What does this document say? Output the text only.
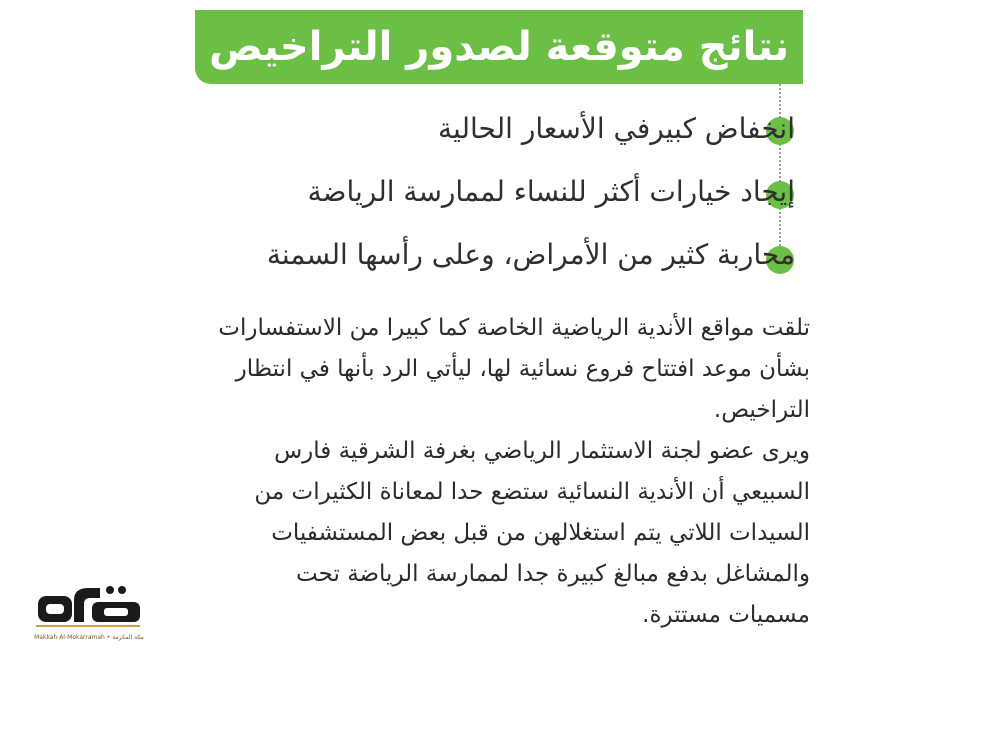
نتائج متوقعة لصدور التراخيص
انخفاض كبيرفي الأسعار الحالية
إيجاد خيارات أكثر للنساء لممارسة الرياضة
محاربة كثير من الأمراض، وعلى رأسها السمنة

تلقت مواقع الأندية الرياضية الخاصة كما كبيرا من الاستفسارات بشأن موعد افتتاح فروع نسائية لها، ليأتي الرد بأنها في انتظار التراخيص.

ويرى عضو لجنة الاستثمار الرياضي بغرفة الشرقية فارس السبيعي أن الأندية النسائية ستضع حدا لمعاناة الكثيرات من السيدات اللاتي يتم استغلالهن من قبل بعض المستشفيات والمشاغل بدفع مبالغ كبيرة جدا لممارسة الرياضة تحت مسميات مستترة.

Makkah Al-Mokarramah • مكة المكرمة
